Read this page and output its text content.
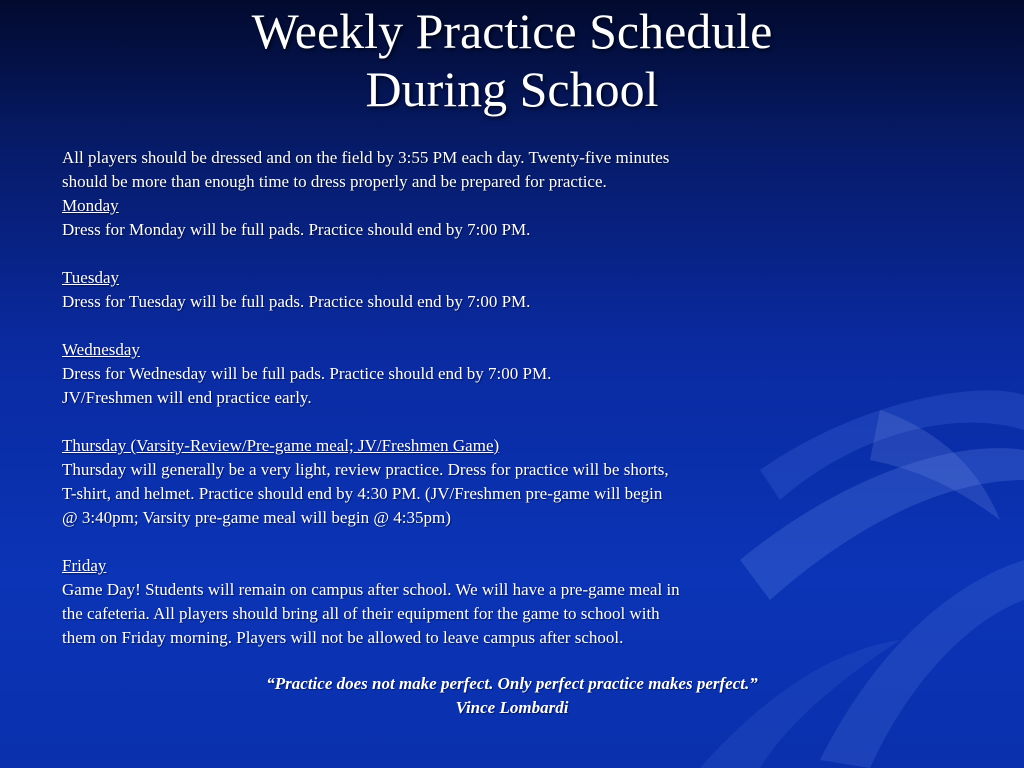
Weekly Practice Schedule
During School
All players should be dressed and on the field by 3:55 PM each day. Twenty-five minutes
should be more than enough time to dress properly and be prepared for practice.
Monday
Dress for Monday will be full pads. Practice should end by 7:00 PM.
Tuesday
Dress for Tuesday will be full pads. Practice should end by 7:00 PM.
Wednesday
Dress for Wednesday will be full pads. Practice should end by 7:00 PM.
JV/Freshmen will end practice early.
Thursday (Varsity-Review/Pre-game meal; JV/Freshmen Game)
Thursday will generally be a very light, review practice. Dress for practice will be shorts,
T-shirt, and helmet. Practice should end by 4:30 PM. (JV/Freshmen pre-game will begin
@ 3:40pm; Varsity pre-game meal will begin @ 4:35pm)
Friday
Game Day! Students will remain on campus after school. We will have a pre-game meal in
the cafeteria. All players should bring all of their equipment for the game to school with
them on Friday morning. Players will not be allowed to leave campus after school.
“Practice does not make perfect. Only perfect practice makes perfect.”
Vince Lombardi
